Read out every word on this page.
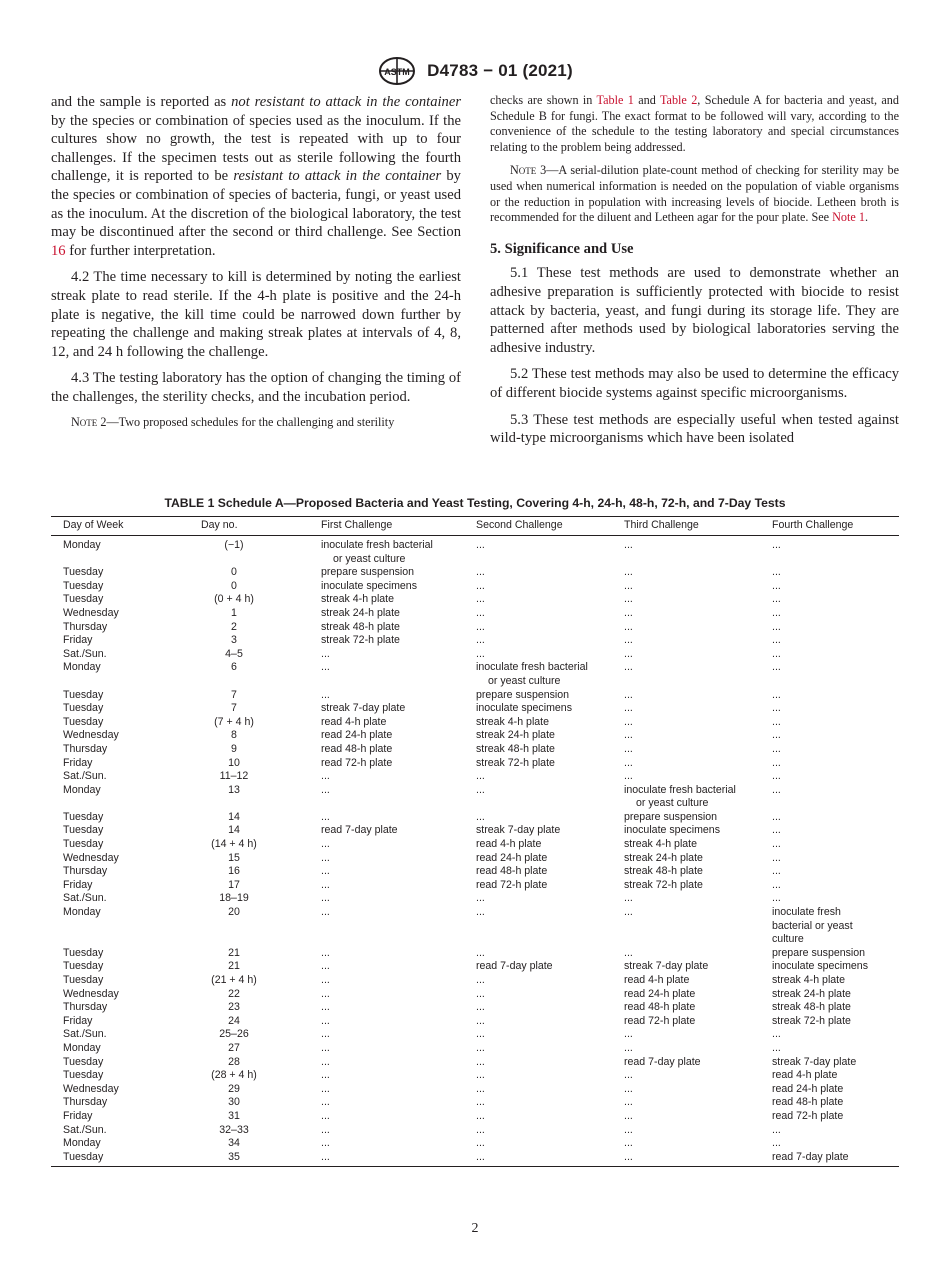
ASTM D4783 − 01 (2021)

and the sample is reported as not resistant to attack in the container by the species or combination of species used as the inoculum. If the cultures show no growth, the test is repeated with up to four challenges. If the specimen tests out as sterile following the fourth challenge, it is reported to be resistant to attack in the container by the species or combination of species of bacteria, fungi, or yeast used as the inoculum. At the discretion of the biological laboratory, the test may be discontinued after the second or third challenge. See Section 16 for further interpretation.

4.2 The time necessary to kill is determined by noting the earliest streak plate to read sterile. If the 4-h plate is positive and the 24-h plate is negative, the kill time could be narrowed down further by repeating the challenge and making streak plates at intervals of 4, 8, 12, and 24 h following the challenge.

4.3 The testing laboratory has the option of changing the timing of the challenges, the sterility checks, and the incubation period.

Note 2—Two proposed schedules for the challenging and sterility
checks are shown in Table 1 and Table 2, Schedule A for bacteria and yeast, and Schedule B for fungi. The exact format to be followed will vary, according to the convenience of the schedule to the testing laboratory and special circumstances relating to the problem being addressed.
Note 3—A serial-dilution plate-count method of checking for sterility may be used when numerical information is needed on the population of viable organisms or the reduction in population with increasing levels of biocide. Letheen broth is recommended for the diluent and Letheen agar for the pour plate. See Note 1.
5. Significance and Use

5.1 These test methods are used to demonstrate whether an adhesive preparation is sufficiently protected with biocide to resist attack by bacteria, yeast, and fungi during its storage life. They are patterned after methods used by biological laboratories serving the adhesive industry.

5.2 These test methods may also be used to determine the efficacy of different biocide systems against specific microorganisms.

5.3 These test methods are especially useful when tested against wild-type microorganisms which have been isolated

TABLE 1 Schedule A—Proposed Bacteria and Yeast Testing, Covering 4-h, 24-h, 48-h, 72-h, and 7-Day Tests
Day of Week	Day no.	First Challenge	Second Challenge	Third Challenge	Fourth Challenge

Monday	(−1)	inoculate fresh bacterial
or yeast culture	...	...	...

Tuesday	0	prepare suspension	...	...	...

Tuesday	0	inoculate specimens	...	...	...

Tuesday	(0 + 4 h)	streak 4-h plate	...	...	...

Wednesday	1	streak 24-h plate	...	...	...

Thursday	2	streak 48-h plate	...	...	...

Friday	3	streak 72-h plate	...	...	...

Sat./Sun.	4–5	...	...	...	...

Monday	6	...	inoculate fresh bacterial
or yeast culture	...	...

Tuesday	7	...	prepare suspension	...	...

Tuesday	7	streak 7-day plate	inoculate specimens	...	...

Tuesday	(7 + 4 h)	read 4-h plate	streak 4-h plate	...	...

Wednesday	8	read 24-h plate	streak 24-h plate	...	...

Thursday	9	read 48-h plate	streak 48-h plate	...	...

Friday	10	read 72-h plate	streak 72-h plate	...	...

Sat./Sun.	11–12	...	...	...	...

Monday	13	...	...	inoculate fresh bacterial
or yeast culture	...

Tuesday	14	...	...	prepare suspension	...

Tuesday	14	read 7-day plate	streak 7-day plate	inoculate specimens	...

Tuesday	(14 + 4 h)	...	read 4-h plate	streak 4-h plate	...

Wednesday	15	...	read 24-h plate	streak 24-h plate	...

Thursday	16	...	read 48-h plate	streak 48-h plate	...

Friday	17	...	read 72-h plate	streak 72-h plate	...

Sat./Sun.	18–19	...	...	...	...

Monday	20	...	...	...	inoculate fresh
bacterial or yeast
culture

Tuesday	21	...	...	...	prepare suspension

Tuesday	21	...	read 7-day plate	streak 7-day plate	inoculate specimens

Tuesday	(21 + 4 h)	...	...	read 4-h plate	streak 4-h plate

Wednesday	22	...	...	read 24-h plate	streak 24-h plate

Thursday	23	...	...	read 48-h plate	streak 48-h plate

Friday	24	...	...	read 72-h plate	streak 72-h plate

Sat./Sun.	25–26	...	...	...	...

Monday	27	...	...	...	...

Tuesday	28	...	...	read 7-day plate	streak 7-day plate

Tuesday	(28 + 4 h)	...	...	...	read 4-h plate

Wednesday	29	...	...	...	read 24-h plate

Thursday	30	...	...	...	read 48-h plate

Friday	31	...	...	...	read 72-h plate

Sat./Sun.	32–33	...	...	...	...

Monday	34	...	...	...	...

Tuesday	35	...	...	...	read 7-day plate
2
